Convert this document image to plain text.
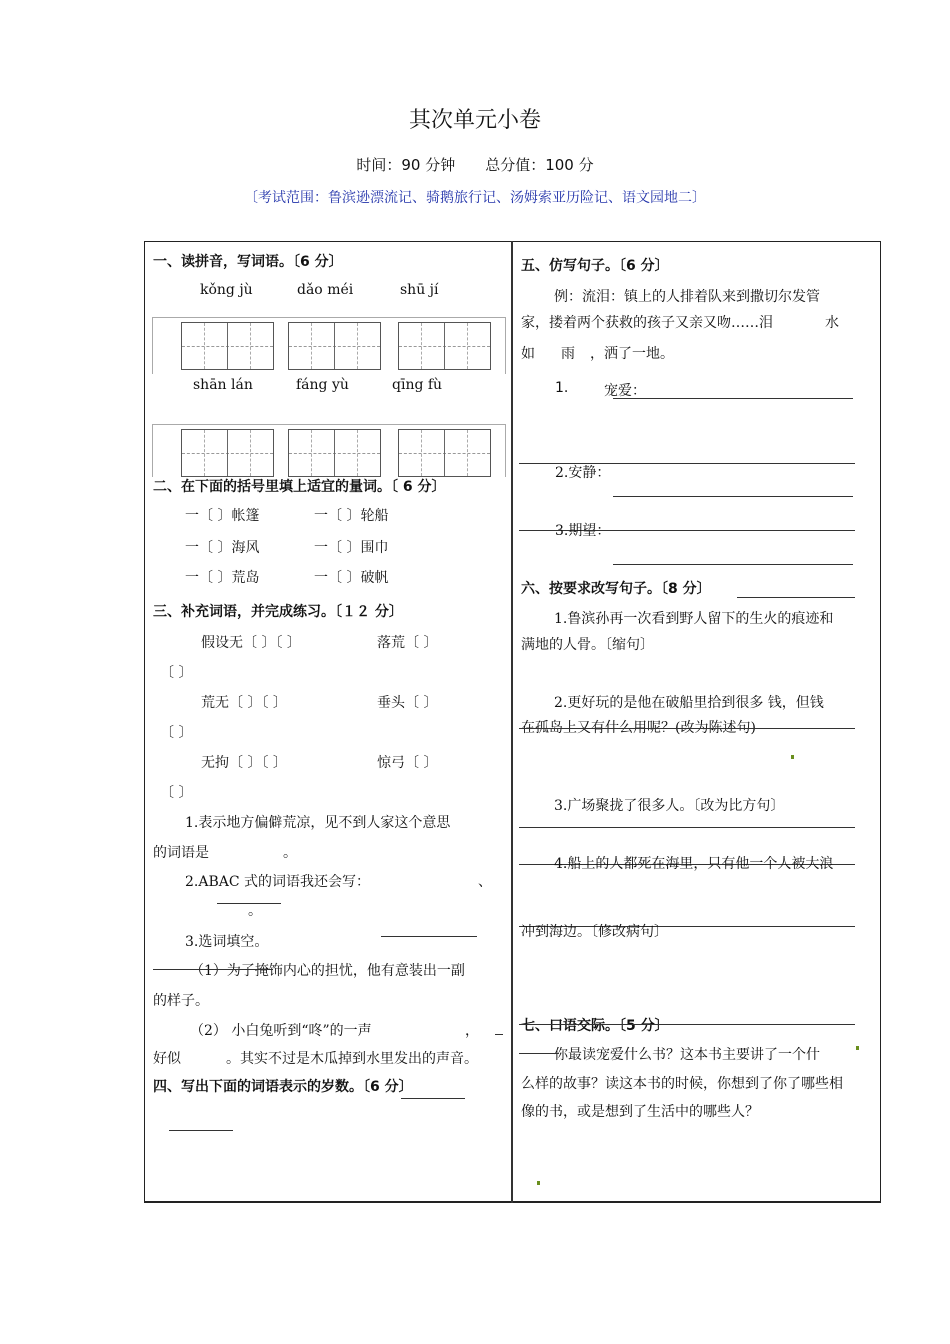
其次单元小卷
时间：90 分钟 总分值：100 分
〔考试范围：鲁滨逊漂流记、骑鹅旅行记、汤姆索亚历险记、语文园地二〕
一、读拼音，写词语。〔6 分〕
kǒng jù	dǎo méi	shū jí
shān lán	fáng yù	qīng fù
二、在下面的括号里填上适宜的量词。〔 6 分〕
一〔 〕帐篷	一〔 〕轮船
一〔 〕海风	一〔 〕围巾
一〔 〕荒岛	一〔 〕破帆
三、补充词语，并完成练习。〔１２ 分〕
假设无〔 〕〔 〕	落荒〔 〕
〔 〕
荒无〔 〕〔 〕	垂头〔 〕
〔 〕
无拘〔 〕〔 〕	惊弓〔 〕
〔 〕
1.表示地方偏僻荒凉，见不到人家这个意思
的词语是	。
2.ABAC 式的词语我还会写：	、
。
3.选词填空。
（1）为了掩饰内心的担忧，他有意装出一副
的样子。
（2） 小白兔听到“咚”的一声	，
好似	。其实不过是木瓜掉到水里发出的声音。
四、写出下面的词语表示的岁数。〔6 分〕
五、仿写句子。〔6 分〕
例：流泪：镇上的人排着队来到撒切尔发管
家，搂着两个获救的孩子又亲又吻……泪	水
如 雨 ，洒了一地。
1.	宠爱：
2.安静：
3.期望：
六、按要求改写句子。〔8 分〕
1.鲁滨孙再一次看到野人留下的生火的痕迹和
满地的人骨。〔缩句〕
2.更好玩的是他在破船里拾到很多 钱，但钱
在孤岛上又有什么用呢？(改为陈述句)
3.广场聚拢了很多人。〔改为比方句〕
4.船上的人都死在海里，只有他一个人被大浪
冲到海边。〔修改病句〕
七、口语交际。〔5 分〕
你最读宠爱什么书？这本书主要讲了一个什
么样的故事？读这本书的时候，你想到了你了哪些相
像的书，或是想到了生活中的哪些人？
